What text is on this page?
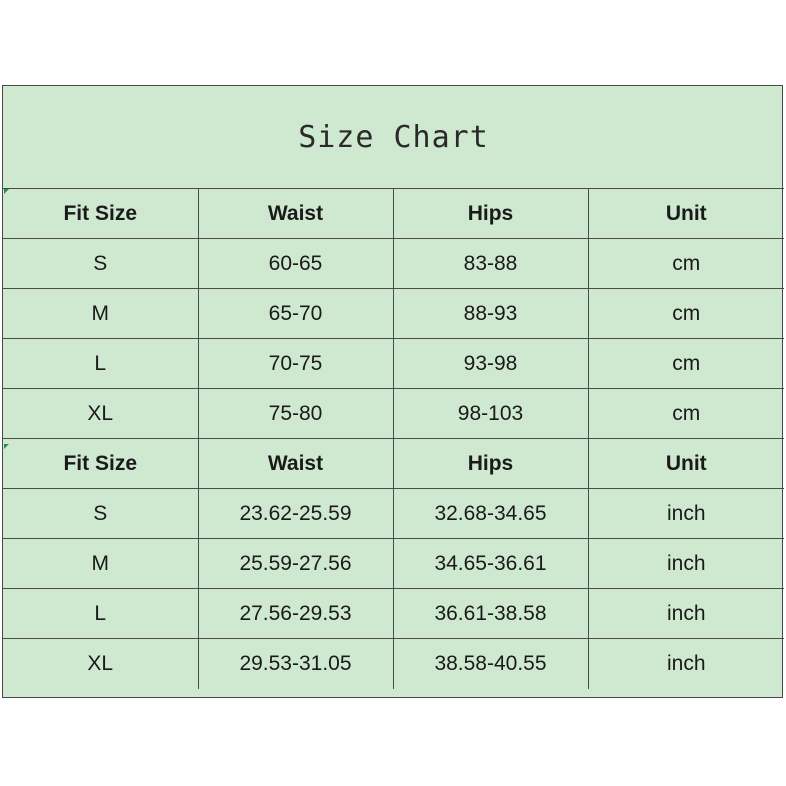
Size Chart
Fit Size	Waist	Hips	Unit
S	60-65	83-88	cm
M	65-70	88-93	cm
L	70-75	93-98	cm
XL	75-80	98-103	cm
Fit Size	Waist	Hips	Unit
S	23.62-25.59	32.68-34.65	inch
M	25.59-27.56	34.65-36.61	inch
L	27.56-29.53	36.61-38.58	inch
XL	29.53-31.05	38.58-40.55	inch
